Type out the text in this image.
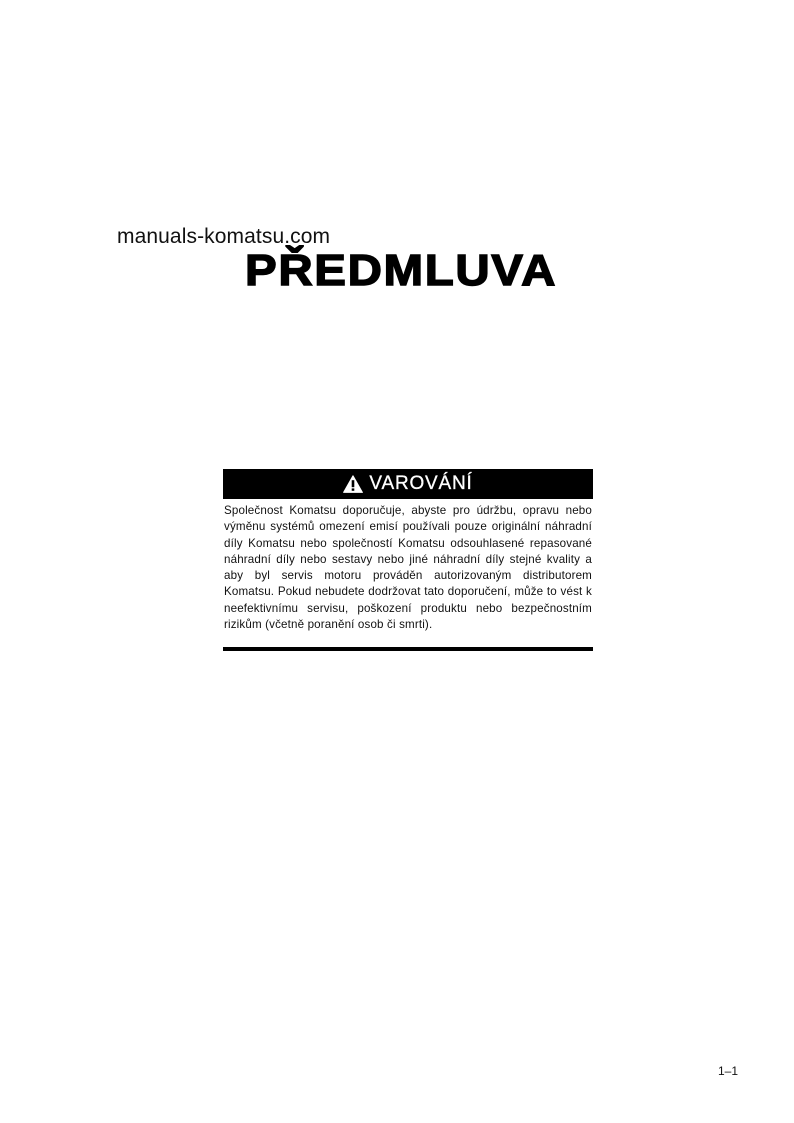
manuals-komatsu.com
PŘEDMLUVA
VAROVÁNÍ
Společnost Komatsu doporučuje, abyste pro údržbu, opravu nebo výměnu systémů omezení emisí používali pouze originální náhradní díly Komatsu nebo společností Komatsu odsouhlasené repasované náhradní díly nebo sestavy nebo jiné náhradní díly stejné kvality a aby byl servis motoru prováděn autorizovaným distributorem Komatsu. Pokud nebudete dodržovat tato doporučení, může to vést k neefektivnímu servisu, poškození produktu nebo bezpečnostním rizikům (včetně poranění osob či smrti).
1–1
